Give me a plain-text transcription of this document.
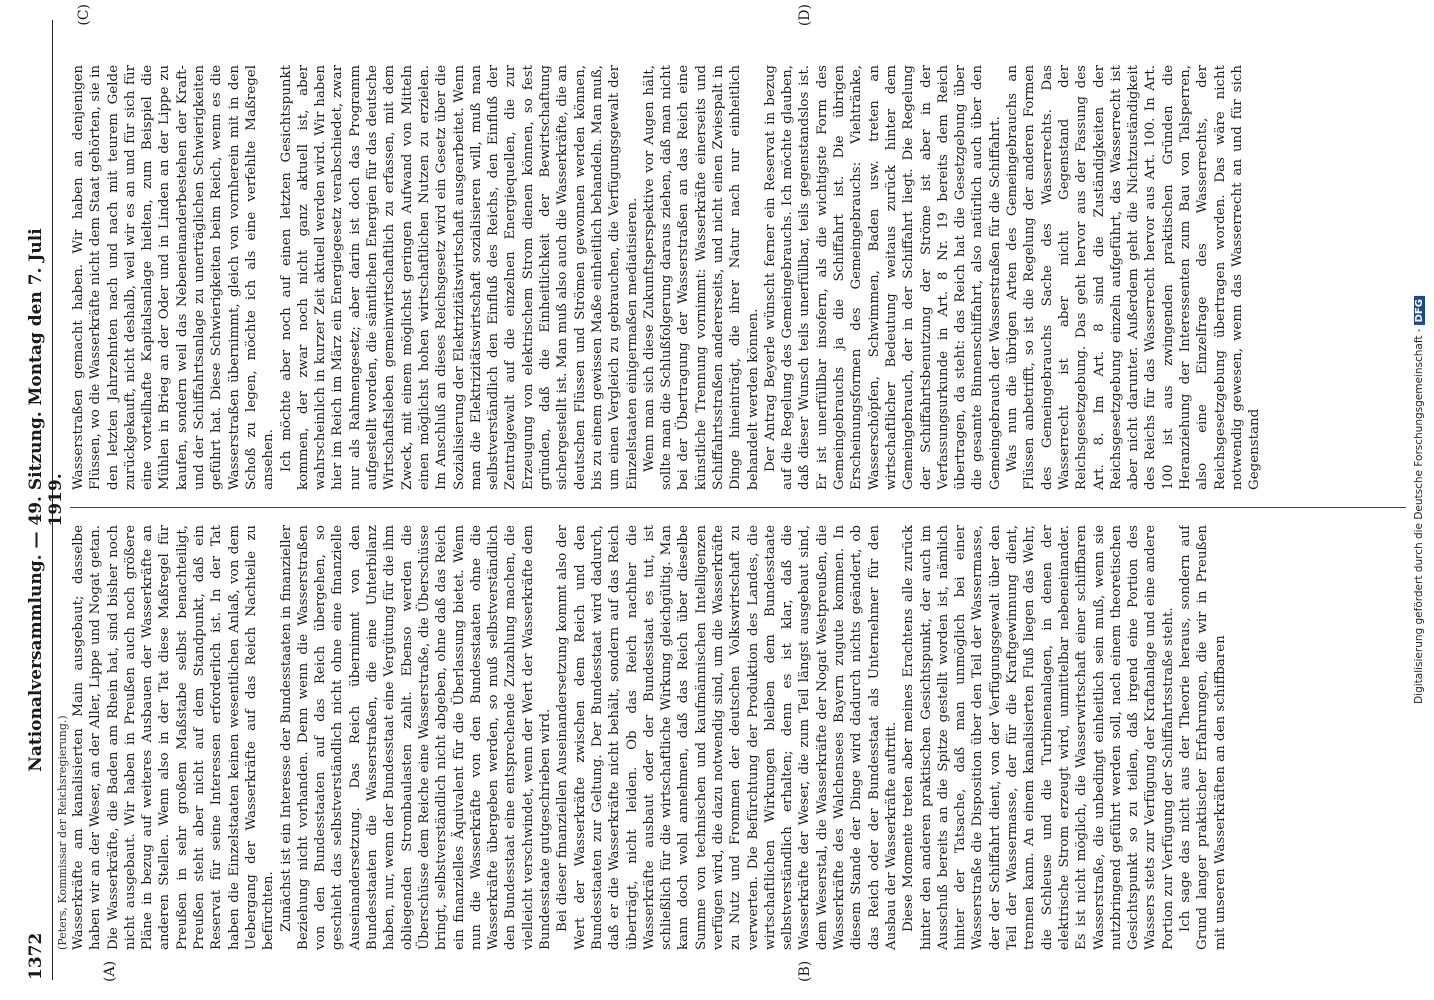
1372
Nationalversammlung. — 49. Sitzung. Montag den 7. Juli 1919.
(Peters, Kommissar der Reichsregierung.)
(A)	(B)
(C)	(D)

Wasserkräfte am kanalisierten Main ausgebaut; dasselbe haben wir an der Weser, an der Aller, Lippe und Nogat getan. Die Wasserkräfte, die Baden am Rhein hat, sind bisher noch nicht ausgebaut. Wir haben in Preußen auch noch größere Pläne in bezug auf weiteres Ausbauen der Wasserkräfte an anderen Stellen. Wenn also in der Tat diese Maßregel für Preußen in sehr großem Maßstabe selbst benachteiligt, Preußen steht aber nicht auf dem Standpunkt, daß ein Reservat für seine Interessen erforderlich ist. In der Tat haben die Einzelstaaten keinen wesentlichen Anlaß, von dem Uebergang der Wasserkräfte auf das Reich Nachteile zu befürchten. Zunächst ist ein Interesse der Bundesstaaten in finanzieller Beziehung nicht vorhanden. Denn wenn die Wasserstraßen von den Bundesstaaten auf das Reich übergehen, so geschieht das selbstverständlich nicht ohne eine finanzielle Auseinandersetzung. Das Reich übernimmt von den Bundesstaaten die Wasserstraßen, die eine Unterbilanz haben, nur, wenn der Bundesstaat eine Vergütung für die ihm obliegenden Strombaulasten zahlt. Ebenso werden die Überschüsse dem Reiche eine Wasserstraße, die Überschüsse bringt, selbstverständlich nicht abgeben, ohne daß das Reich ein finanzielles Äquivalent für die Überlassung bietet. Wenn nun die Wasserkräfte von den Bundesstaaten ohne die Wasserkräfte übergeben werden, so muß selbstverständlich den Bundesstaat eine entsprechende Zuzahlung machen, die vielleicht verschwindet, wenn der Wert der Wasserkräfte dem Bundesstaate gutgeschrieben wird. Bei dieser finanziellen Auseinandersetzung kommt also der Wert der Wasserkräfte zwischen dem Reich und den Bundesstaaten zur Geltung. Der Bundesstaat wird dadurch, daß er die Wasserkräfte nicht behält, sondern auf das Reich überträgt, nicht leiden. Ob das Reich nachher die Wasserkräfte ausbaut oder der Bundesstaat es tut, ist schließlich für die wirtschaftliche Wirkung gleichgültig. Man kann doch wohl annehmen, daß das Reich über dieselbe Summe von technischen und kaufmännischen Intelligenzen verfügen wird, die dazu notwendig sind, um die Wasserkräfte zu Nutz und Frommen der deutschen Volkswirtschaft zu verwerten. Die Befürchtung der Produktion des Landes, die wirtschaftlichen Wirkungen bleiben dem Bundesstaate selbstverständlich erhalten; denn es ist klar, daß die Wasserkräfte der Weser, die zum Teil längst ausgebaut sind, dem Weserstal, die Wasserkräfte der Nogat Westpreußen, die Wasserkräfte des Walchensees Bayern zugute kommen. In diesem Stande der Dinge wird dadurch nichts geändert, ob das Reich oder der Bundesstaat als Unternehmer für den Ausbau der Wasserkräfte auftritt. Diese Momente treten aber meines Erachtens alle zurück hinter den anderen praktischen Gesichtspunkt, der auch im Ausschuß bereits an die Spitze gestellt worden ist, nämlich hinter der Tatsache, daß man unmöglich bei einer Wasserstraße die Disposition über den Teil der Wassermasse, der der Schiffahrt dient, von der Verfügungsgewalt über den Teil der Wassermasse, der für die Kraftgewinnung dient, trennen kann. An einem kanalisierten Fluß liegen das Wehr, die Schleuse und die Turbinenanlagen, in denen der elektrische Strom erzeugt wird, unmittelbar nebeneinander. Es ist nicht möglich, die Wasserwirtschaft einer schiffbaren Wasserstraße, die unbedingt einheitlich sein muß, wenn sie nutzbringend geführt werden soll, nach einem theoretischen Gesichtspunkt so zu teilen, daß irgend eine Portion des Wassers stets zur Verfügung der Kraftanlage und eine andere Portion zur Verfügung der Schiffahrtsstraße steht. Ich sage das nicht aus der Theorie heraus, sondern auf Grund langer praktischer Erfahrungen, die wir in Preußen mit unseren Wasserkräften an den schiffbaren

Wasserstraßen gemacht haben. Wir haben an denjenigen Flüssen, wo die Wasserkräfte nicht dem Staat gehörten, sie in den letzten Jahrzehnten nach und nach mit teurem Gelde zurückgekauft, nicht deshalb, weil wir es an und für sich für eine vorteilhafte Kapitalsanlage hielten, zum Beispiel die Mühlen in Brieg an der Oder und in Linden an der Lippe zu kaufen, sondern weil das Nebeneinanderbestehen der Kraft- und der Schiffahrtsanlage zu unerträglichen Schwierigkeiten geführt hat. Diese Schwierigkeiten beim Reich, wenn es die Wasserstraßen übernimmt, gleich von vornherein mit in den Schoß zu legen, möchte ich als eine verfehlte Maßregel ansehen. Ich möchte aber noch auf einen letzten Gesichtspunkt kommen, der zwar noch nicht ganz aktuell ist, aber wahrscheinlich in kurzer Zeit aktuell werden wird. Wir haben hier im Reich im März ein Energiegesetz verabschiedet, zwar nur als Rahmengesetz; aber darin ist doch das Programm aufgestellt worden, die sämtlichen Energien für das deutsche Wirtschaftsleben gemeinwirtschaftlich zu erfassen, mit dem Zweck, mit einem möglichst geringen Aufwand von Mitteln einen möglichst hohen wirtschaftlichen Nutzen zu erzielen. Im Anschluß an dieses Reichsgesetz wird ein Gesetz über die Sozialisierung der Elektrizitätswirtschaft ausgearbeitet. Wenn man die Elektrizitätswirtschaft sozialisieren will, muß man selbstverständlich den Einfluß des Reichs, den Einfluß der Zentralgewalt auf die einzelnen Energiequellen, die zur Erzeugung von elektrischem Strom dienen können, so fest gründen, daß die Einheitlichkeit der Bewirtschaftung sichergestellt ist. Man muß also auch die Wasserkräfte, die an deutschen Flüssen und Strömen gewonnen werden können, bis zu einem gewissen Maße einheitlich behandeln. Man muß, um einen Vergleich zu gebrauchen, die Verfügungsgewalt der Einzelstaaten einigermaßen mediatisieren. Wenn man sich diese Zukunftsperspektive vor Augen hält, sollte man die Schlußfolgerung daraus ziehen, daß man nicht bei der Übertragung der Wasserstraßen an das Reich eine künstliche Trennung vornimmt: Wasserkräfte einerseits und Schiffahrtsstraßen andererseits, und nicht einen Zwiespalt in Dinge hineinträgt, die ihrer Natur nach nur einheitlich behandelt werden können. Der Antrag Beyerle wünscht ferner ein Reservat in bezug auf die Regelung des Gemeingebrauchs. Ich möchte glauben, daß dieser Wunsch teils unerfüllbar, teils gegenstandslos ist. Er ist unerfüllbar insofern, als die wichtigste Form des Gemeingebrauchs ja die Schiffahrt ist. Die übrigen Erscheinungsformen des Gemeingebrauchs: Viehtränke, Wasserschöpfen, Schwimmen, Baden usw. treten an wirtschaftlicher Bedeutung weitaus zurück hinter dem Gemeingebrauch, der in der Schiffahrt liegt. Die Regelung der Schiffahrtsbenutzung der Ströme ist aber in der Verfassungsurkunde in Art. 8 Nr. 19 bereits dem Reich übertragen, da steht: das Reich hat die Gesetzgebung über die gesamte Binnenschiffahrt, also natürlich auch über den Gemeingebrauch der Wasserstraßen für die Schiffahrt. Was nun die übrigen Arten des Gemeingebrauchs an Flüssen anbetrifft, so ist die Regelung der anderen Formen des Gemeingebrauchs Sache des Wasserrechts. Das Wasserrecht ist aber nicht Gegenstand der Reichsgesetzgebung. Das geht hervor aus der Fassung des Art. 8. Im Art. 8 sind die Zuständigkeiten der Reichsgesetzgebung einzeln aufgeführt, das Wasserrecht ist aber nicht darunter. Außerdem geht die Nichtzuständigkeit des Reichs für das Wasserrecht hervor aus Art. 100. In Art. 100 ist aus zwingenden praktischen Gründen die Heranziehung der Interessenten zum Bau von Talsperren, also eine Einzelfrage des Wasserrechts, der Reichsgesetzgebung übertragen worden. Das wäre nicht notwendig gewesen, wenn das Wasserrecht an und für sich Gegenstand	Digitalisierung gefördert durch die Deutsche Forschungsgemeinschaft -DFG
